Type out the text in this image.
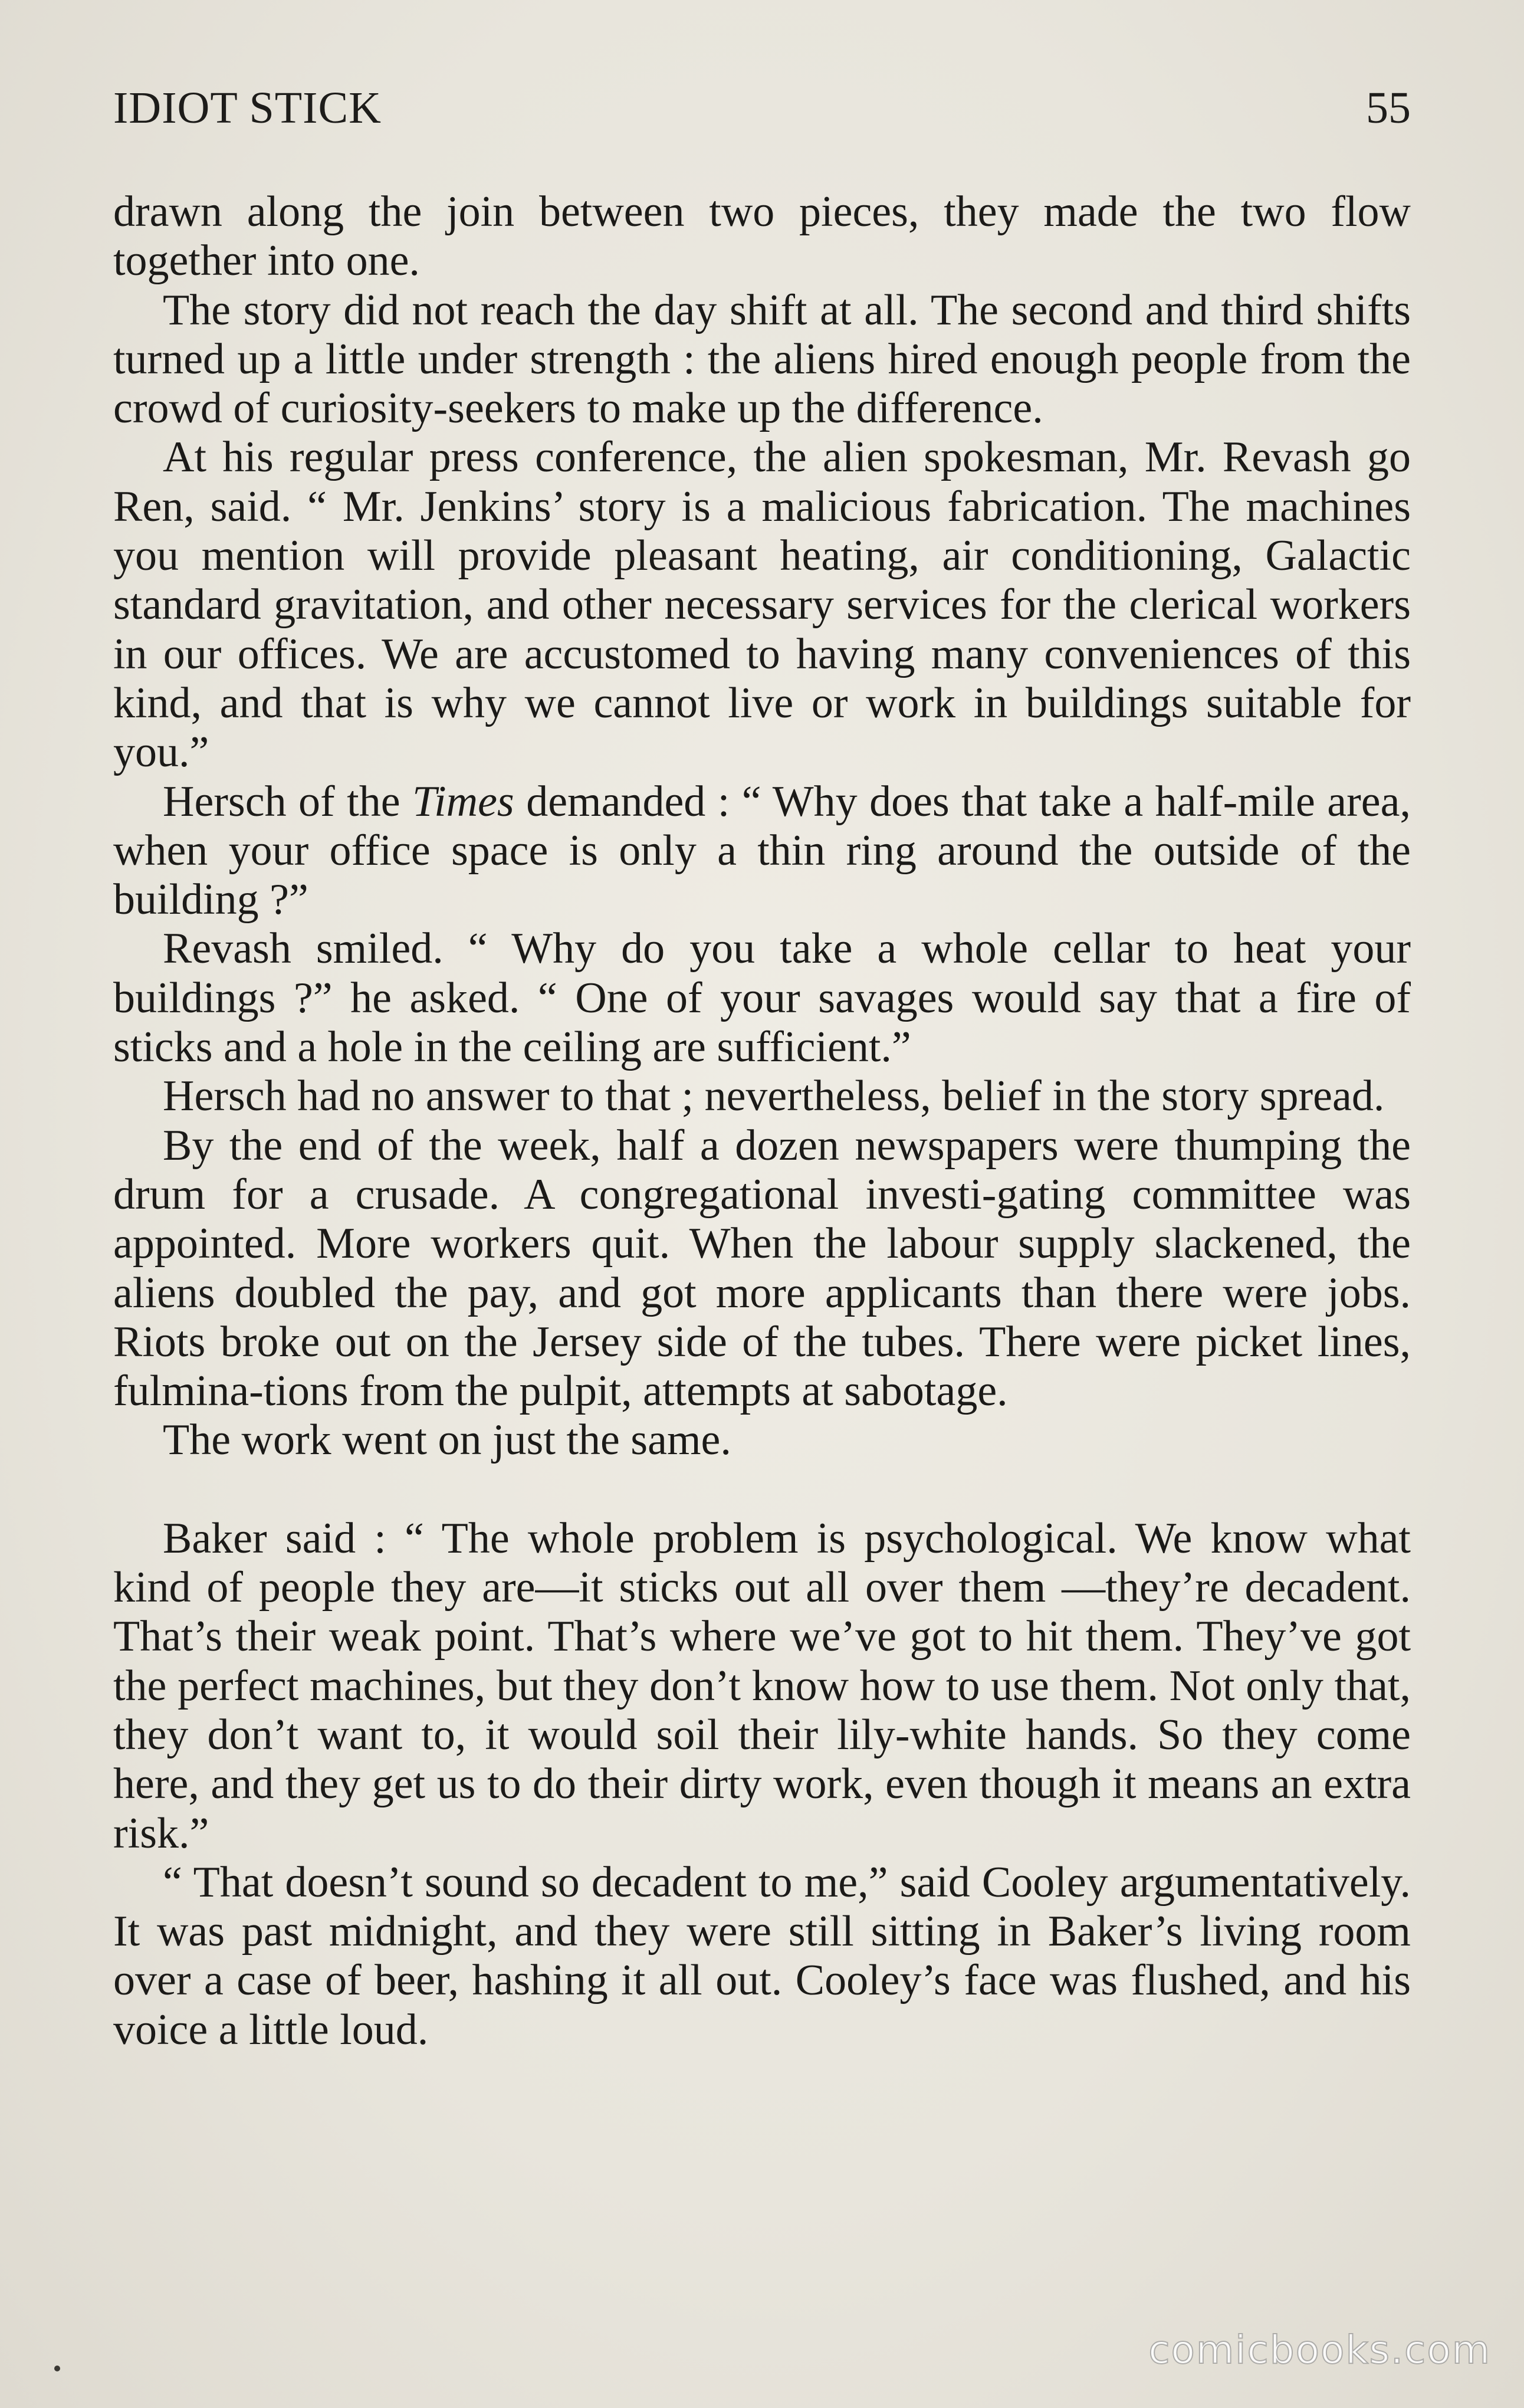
IDIOT STICK	55

drawn along the join between two pieces, they made the two flow together into one.

The story did not reach the day shift at all. The second and third shifts turned up a little under strength : the aliens hired enough people from the crowd of curiosity-seekers to make up the difference.

At his regular press conference, the alien spokesman, Mr. Revash go Ren, said. “ Mr. Jenkins’ story is a malicious fabrication. The machines you mention will provide pleasant heating, air conditioning, Galactic standard gravitation, and other necessary services for the clerical workers in our offices. We are accustomed to having many conveniences of this kind, and that is why we cannot live or work in buildings suitable for you.”

Hersch of the Times demanded : “ Why does that take a half-mile area, when your office space is only a thin ring around the outside of the building ?”

Revash smiled. “ Why do you take a whole cellar to heat your buildings ?” he asked. “ One of your savages would say that a fire of sticks and a hole in the ceiling are sufficient.”

Hersch had no answer to that ; nevertheless, belief in the story spread.

By the end of the week, half a dozen newspapers were thumping the drum for a crusade. A congregational investi-gating committee was appointed. More workers quit. When the labour supply slackened, the aliens doubled the pay, and got more applicants than there were jobs. Riots broke out on the Jersey side of the tubes. There were picket lines, fulmina-tions from the pulpit, attempts at sabotage.

The work went on just the same.

Baker said : “ The whole problem is psychological. We know what kind of people they are—it sticks out all over them —they’re decadent. That’s their weak point. That’s where we’ve got to hit them. They’ve got the perfect machines, but they don’t know how to use them. Not only that, they don’t want to, it would soil their lily-white hands. So they come here, and they get us to do their dirty work, even though it means an extra risk.”

“ That doesn’t sound so decadent to me,” said Cooley argumentatively. It was past midnight, and they were still sitting in Baker’s living room over a case of beer, hashing it all out. Cooley’s face was flushed, and his voice a little loud.

comicbooks.com
